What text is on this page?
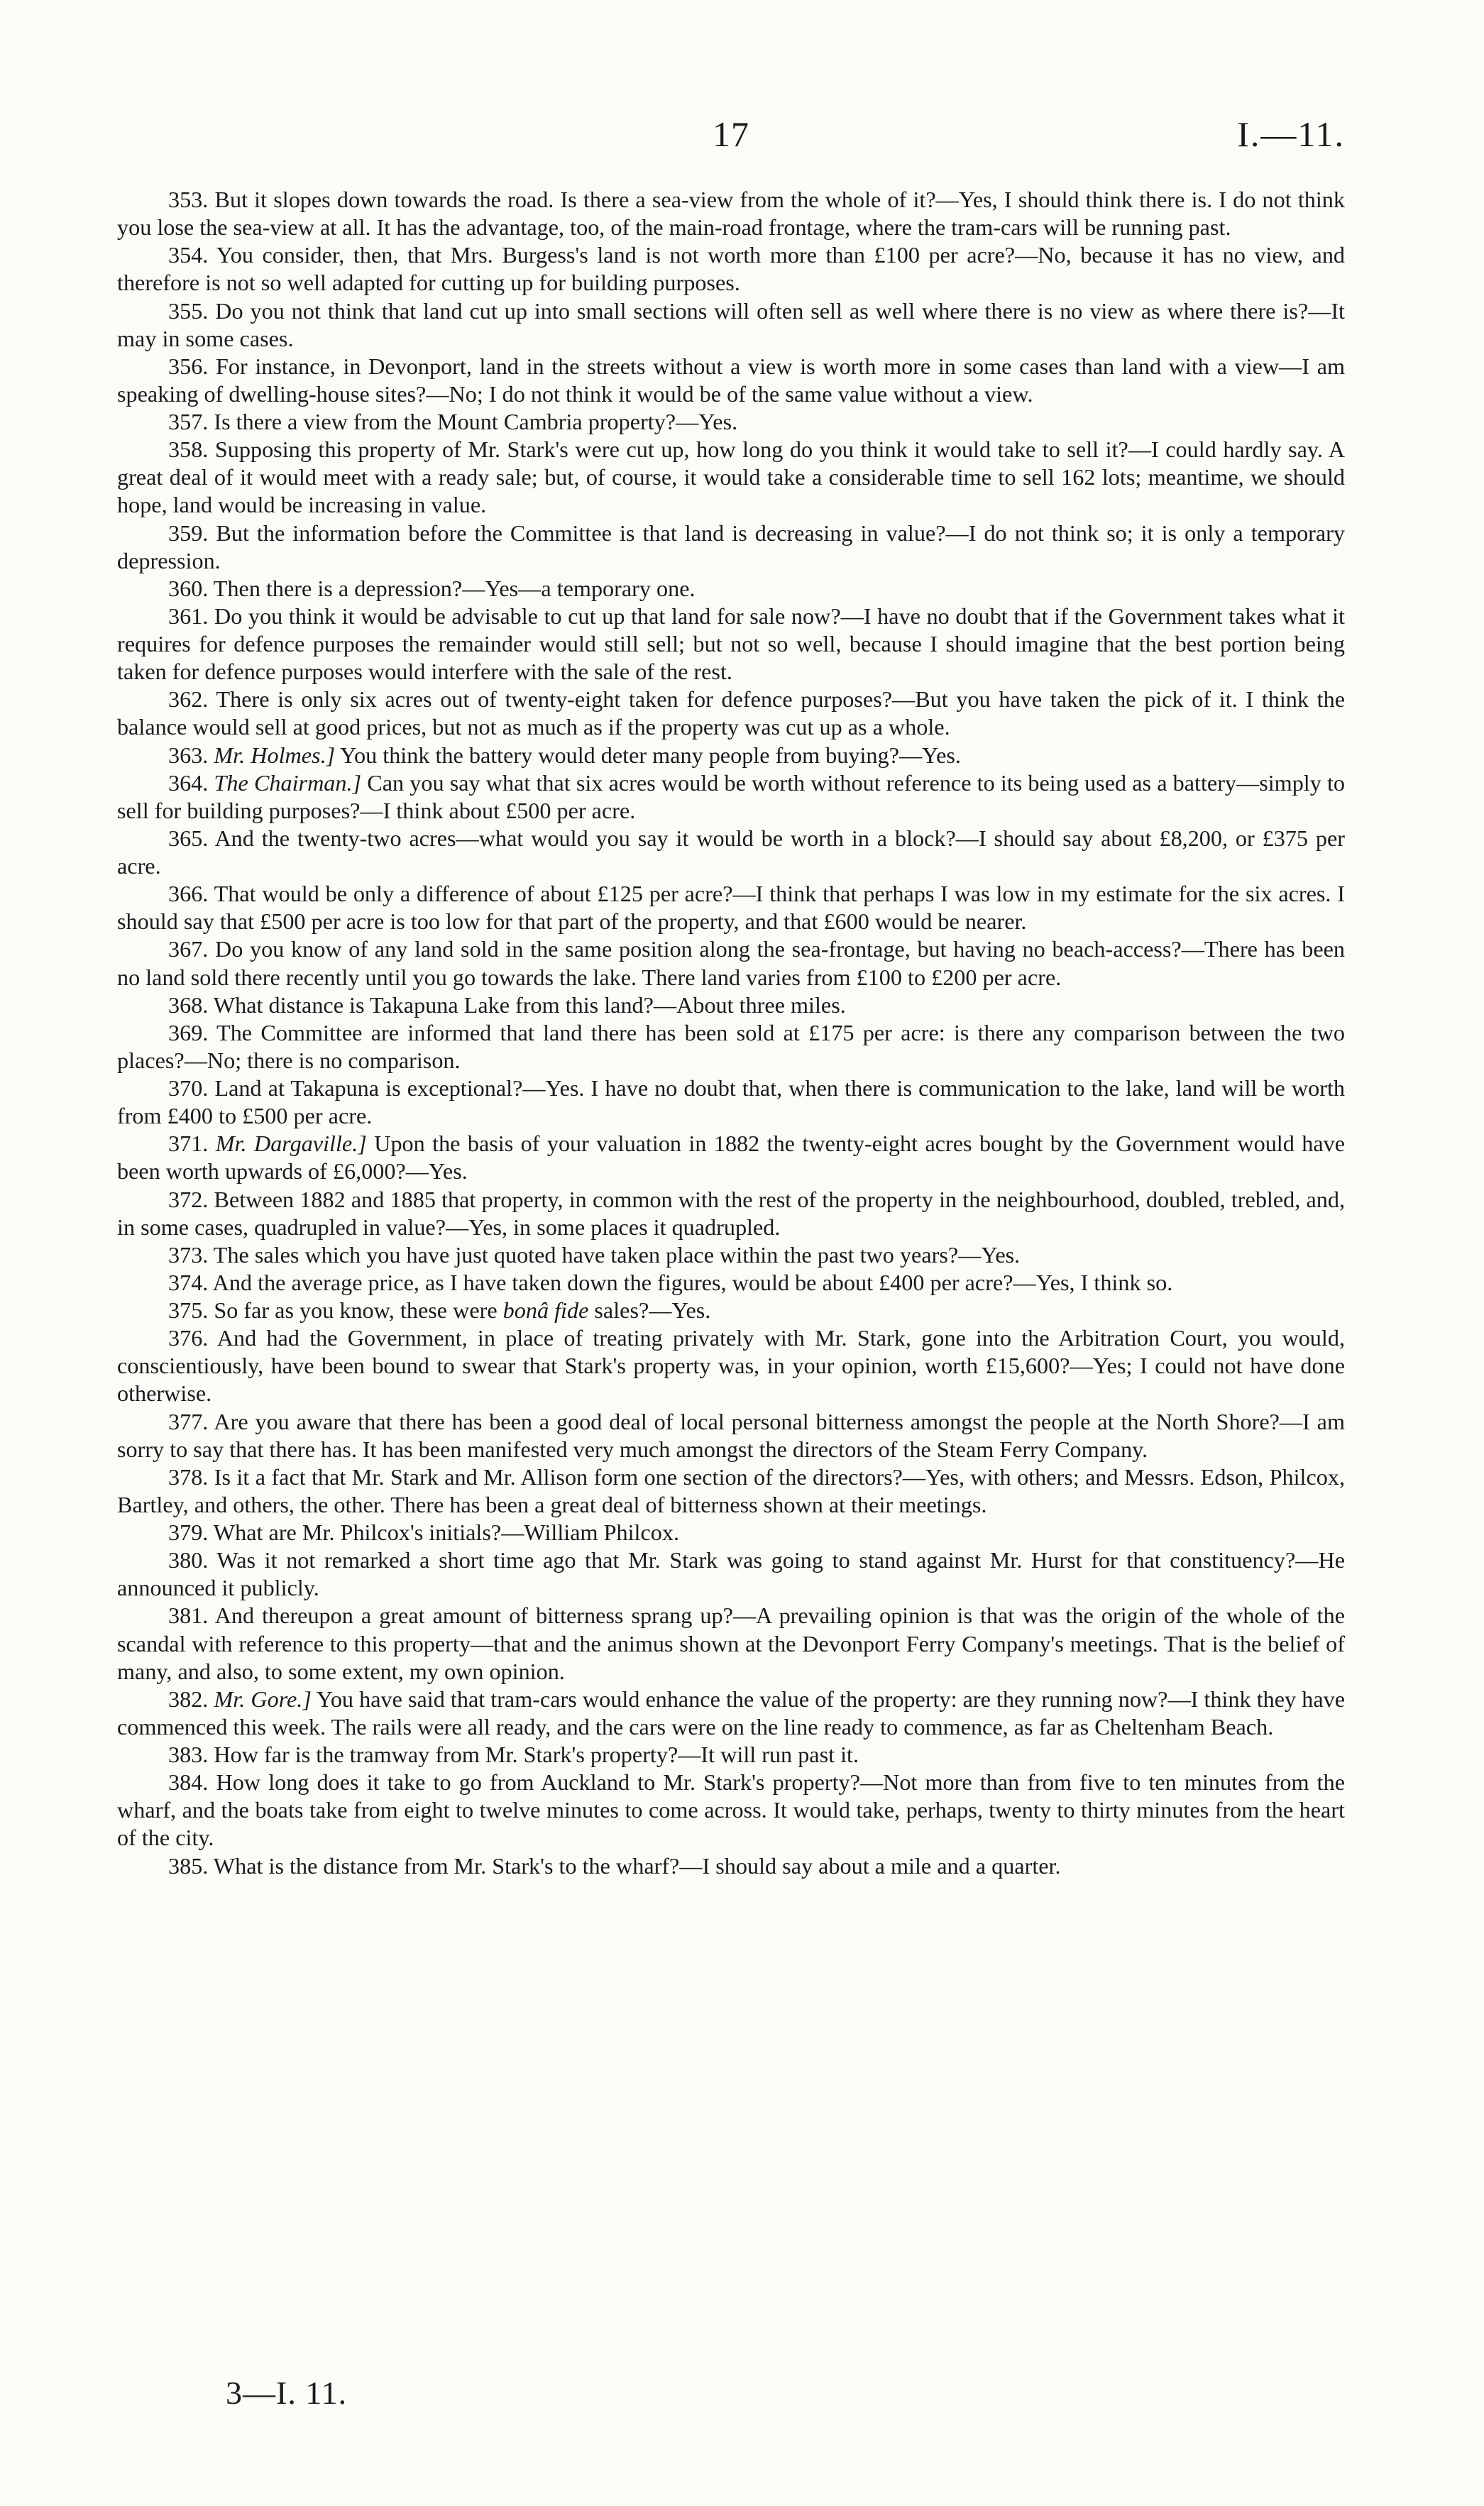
17	I.—11.

353. But it slopes down towards the road. Is there a sea-view from the whole of it?—Yes, I should think there is. I do not think you lose the sea-view at all. It has the advantage, too, of the main-road frontage, where the tram-cars will be running past.

354. You consider, then, that Mrs. Burgess's land is not worth more than £100 per acre?—No, because it has no view, and therefore is not so well adapted for cutting up for building purposes.

355. Do you not think that land cut up into small sections will often sell as well where there is no view as where there is?—It may in some cases.

356. For instance, in Devonport, land in the streets without a view is worth more in some cases than land with a view—I am speaking of dwelling-house sites?—No; I do not think it would be of the same value without a view.

357. Is there a view from the Mount Cambria property?—Yes.

358. Supposing this property of Mr. Stark's were cut up, how long do you think it would take to sell it?—I could hardly say. A great deal of it would meet with a ready sale; but, of course, it would take a considerable time to sell 162 lots; meantime, we should hope, land would be increasing in value.

359. But the information before the Committee is that land is decreasing in value?—I do not think so; it is only a temporary depression.

360. Then there is a depression?—Yes—a temporary one.

361. Do you think it would be advisable to cut up that land for sale now?—I have no doubt that if the Government takes what it requires for defence purposes the remainder would still sell; but not so well, because I should imagine that the best portion being taken for defence purposes would interfere with the sale of the rest.

362. There is only six acres out of twenty-eight taken for defence purposes?—But you have taken the pick of it. I think the balance would sell at good prices, but not as much as if the property was cut up as a whole.

363. Mr. Holmes.] You think the battery would deter many people from buying?—Yes.

364. The Chairman.] Can you say what that six acres would be worth without reference to its being used as a battery—simply to sell for building purposes?—I think about £500 per acre.

365. And the twenty-two acres—what would you say it would be worth in a block?—I should say about £8,200, or £375 per acre.

366. That would be only a difference of about £125 per acre?—I think that perhaps I was low in my estimate for the six acres. I should say that £500 per acre is too low for that part of the property, and that £600 would be nearer.

367. Do you know of any land sold in the same position along the sea-frontage, but having no beach-access?—There has been no land sold there recently until you go towards the lake. There land varies from £100 to £200 per acre.

368. What distance is Takapuna Lake from this land?—About three miles.

369. The Committee are informed that land there has been sold at £175 per acre: is there any comparison between the two places?—No; there is no comparison.

370. Land at Takapuna is exceptional?—Yes. I have no doubt that, when there is communication to the lake, land will be worth from £400 to £500 per acre.

371. Mr. Dargaville.] Upon the basis of your valuation in 1882 the twenty-eight acres bought by the Government would have been worth upwards of £6,000?—Yes.

372. Between 1882 and 1885 that property, in common with the rest of the property in the neighbourhood, doubled, trebled, and, in some cases, quadrupled in value?—Yes, in some places it quadrupled.

373. The sales which you have just quoted have taken place within the past two years?—Yes.

374. And the average price, as I have taken down the figures, would be about £400 per acre?—Yes, I think so.

375. So far as you know, these were bonâ fide sales?—Yes.

376. And had the Government, in place of treating privately with Mr. Stark, gone into the Arbitration Court, you would, conscientiously, have been bound to swear that Stark's property was, in your opinion, worth £15,600?—Yes; I could not have done otherwise.

377. Are you aware that there has been a good deal of local personal bitterness amongst the people at the North Shore?—I am sorry to say that there has. It has been manifested very much amongst the directors of the Steam Ferry Company.

378. Is it a fact that Mr. Stark and Mr. Allison form one section of the directors?—Yes, with others; and Messrs. Edson, Philcox, Bartley, and others, the other. There has been a great deal of bitterness shown at their meetings.

379. What are Mr. Philcox's initials?—William Philcox.

380. Was it not remarked a short time ago that Mr. Stark was going to stand against Mr. Hurst for that constituency?—He announced it publicly.

381. And thereupon a great amount of bitterness sprang up?—A prevailing opinion is that was the origin of the whole of the scandal with reference to this property—that and the animus shown at the Devonport Ferry Company's meetings. That is the belief of many, and also, to some extent, my own opinion.

382. Mr. Gore.] You have said that tram-cars would enhance the value of the property: are they running now?—I think they have commenced this week. The rails were all ready, and the cars were on the line ready to commence, as far as Cheltenham Beach.

383. How far is the tramway from Mr. Stark's property?—It will run past it.

384. How long does it take to go from Auckland to Mr. Stark's property?—Not more than from five to ten minutes from the wharf, and the boats take from eight to twelve minutes to come across. It would take, perhaps, twenty to thirty minutes from the heart of the city.

385. What is the distance from Mr. Stark's to the wharf?—I should say about a mile and a quarter.

3—I. 11.
